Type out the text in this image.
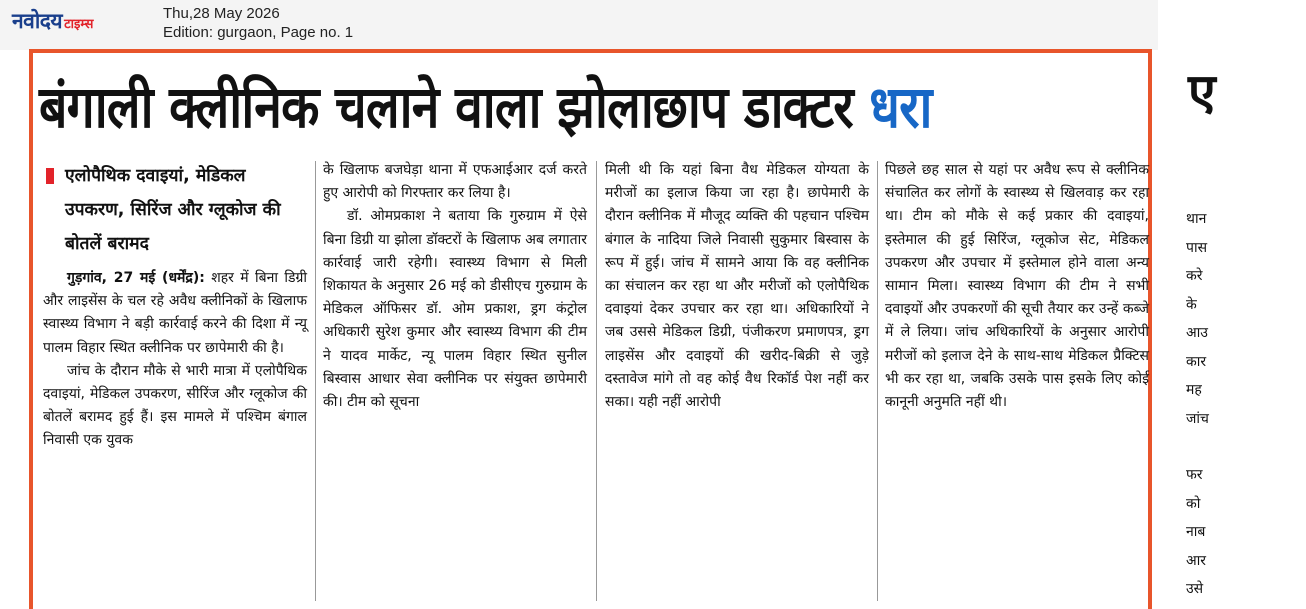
नवोदय टाइम्स
Thu,28 May 2026
Edition: gurgaon, Page no. 1
बंगाली क्लीनिक चलाने वाला झोलाछाप डाक्टर धरा
एलोपैथिक दवाइयां, मेडिकल उपकरण, सिरिंज और ग्लूकोज की बोतलें बरामद

गुड़गांव, 27 मई (धर्मेंद्र): शहर में बिना डिग्री और लाइसेंस के चल रहे अवैध क्लीनिकों के खिलाफ स्वास्थ्य विभाग ने बड़ी कार्रवाई करने की दिशा में न्यू पालम विहार स्थित क्लीनिक पर छापेमारी की है।

जांच के दौरान मौके से भारी मात्रा में एलोपैथिक दवाइयां, मेडिकल उपकरण, सीरिंज और ग्लूकोज की बोतलें बरामद हुई हैं। इस मामले में पश्चिम बंगाल निवासी एक युवक

के खिलाफ बजघेड़ा थाना में एफआईआर दर्ज करते हुए आरोपी को गिरफ्तार कर लिया है।

डॉ. ओमप्रकाश ने बताया कि गुरुग्राम में ऐसे बिना डिग्री या झोला डॉक्टरों के खिलाफ अब लगातार कार्रवाई जारी रहेगी। स्वास्थ्य विभाग से मिली शिकायत के अनुसार 26 मई को डीसीएच गुरुग्राम के मेडिकल ऑफिसर डॉ. ओम प्रकाश, ड्रग कंट्रोल अधिकारी सुरेश कुमार और स्वास्थ्य विभाग की टीम ने यादव मार्केट, न्यू पालम विहार स्थित सुनील बिस्वास आधार सेवा क्लीनिक पर संयुक्त छापेमारी की। टीम को सूचना

मिली थी कि यहां बिना वैध मेडिकल योग्यता के मरीजों का इलाज किया जा रहा है। छापेमारी के दौरान क्लीनिक में मौजूद व्यक्ति की पहचान पश्चिम बंगाल के नादिया जिले निवासी सुकुमार बिस्वास के रूप में हुई। जांच में सामने आया कि वह क्लीनिक का संचालन कर रहा था और मरीजों को एलोपैथिक दवाइयां देकर उपचार कर रहा था। अधिकारियों ने जब उससे मेडिकल डिग्री, पंजीकरण प्रमाणपत्र, ड्रग लाइसेंस और दवाइयों की खरीद-बिक्री से जुड़े दस्तावेज मांगे तो वह कोई वैध रिकॉर्ड पेश नहीं कर सका। यही नहीं आरोपी

पिछले छह साल से यहां पर अवैध रूप से क्लीनिक संचालित कर लोगों के स्वास्थ्य से खिलवाड़ कर रहा था। टीम को मौके से कई प्रकार की दवाइयां, इस्तेमाल की हुई सिरिंज, ग्लूकोज सेट, मेडिकल उपकरण और उपचार में इस्तेमाल होने वाला अन्य सामान मिला। स्वास्थ्य विभाग की टीम ने सभी दवाइयों और उपकरणों की सूची तैयार कर उन्हें कब्जे में ले लिया। जांच अधिकारियों के अनुसार आरोपी मरीजों को इलाज देने के साथ-साथ मेडिकल प्रैक्टिस भी कर रहा था, जबकि उसके पास इसके लिए कोई कानूनी अनुमति नहीं थी।

ए
थान
पास
करे
के
आउ
कार
मह
जांच
फर
को
नाब
आर
उसे
